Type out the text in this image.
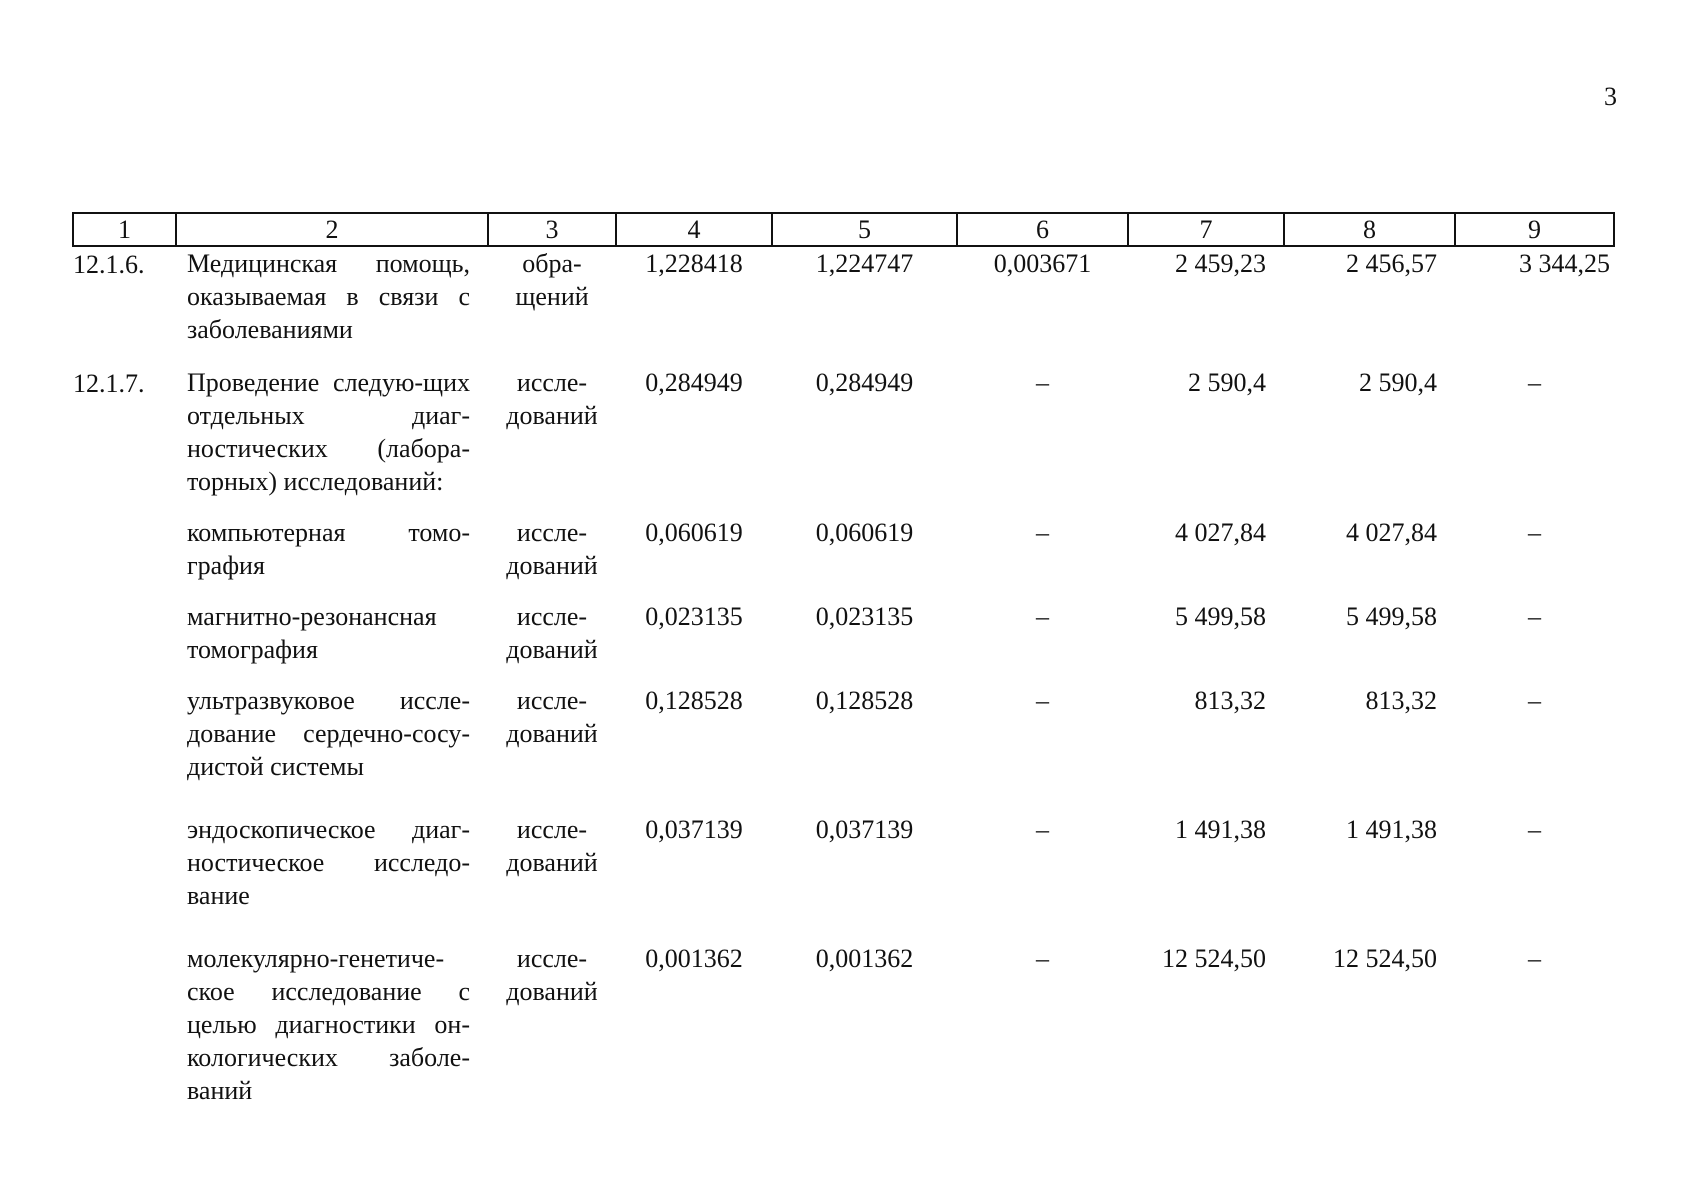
3
1	2	3	4	5	6	7	8	9
12.1.6.	Медицинская помощь, оказываемая в связи с заболеваниями	обра-щений	1,228418	1,224747	0,003671	2 459,23	2 456,57	3 344,25

12.1.7.	Проведение следую-щих отдельных диаг-ностических (лабора-торных) исследований:	иссле-дований	0,284949	0,284949	–	2 590,4	2 590,4	–

	компьютерная томо-графия	иссле-дований	0,060619	0,060619	–	4 027,84	4 027,84	–

	магнитно-резонансная томография	иссле-дований	0,023135	0,023135	–	5 499,58	5 499,58	–

	ультразвуковое иссле-дование сердечно-сосу-дистой системы	иссле-дований	0,128528	0,128528	–	813,32	813,32	–

	эндоскопическое диаг-ностическое исследо-вание	иссле-дований	0,037139	0,037139	–	1 491,38	1 491,38	–

	молекулярно-генетиче-ское исследование с целью диагностики он-кологических заболе-ваний	иссле-дований	0,001362	0,001362	–	12 524,50	12 524,50	–
